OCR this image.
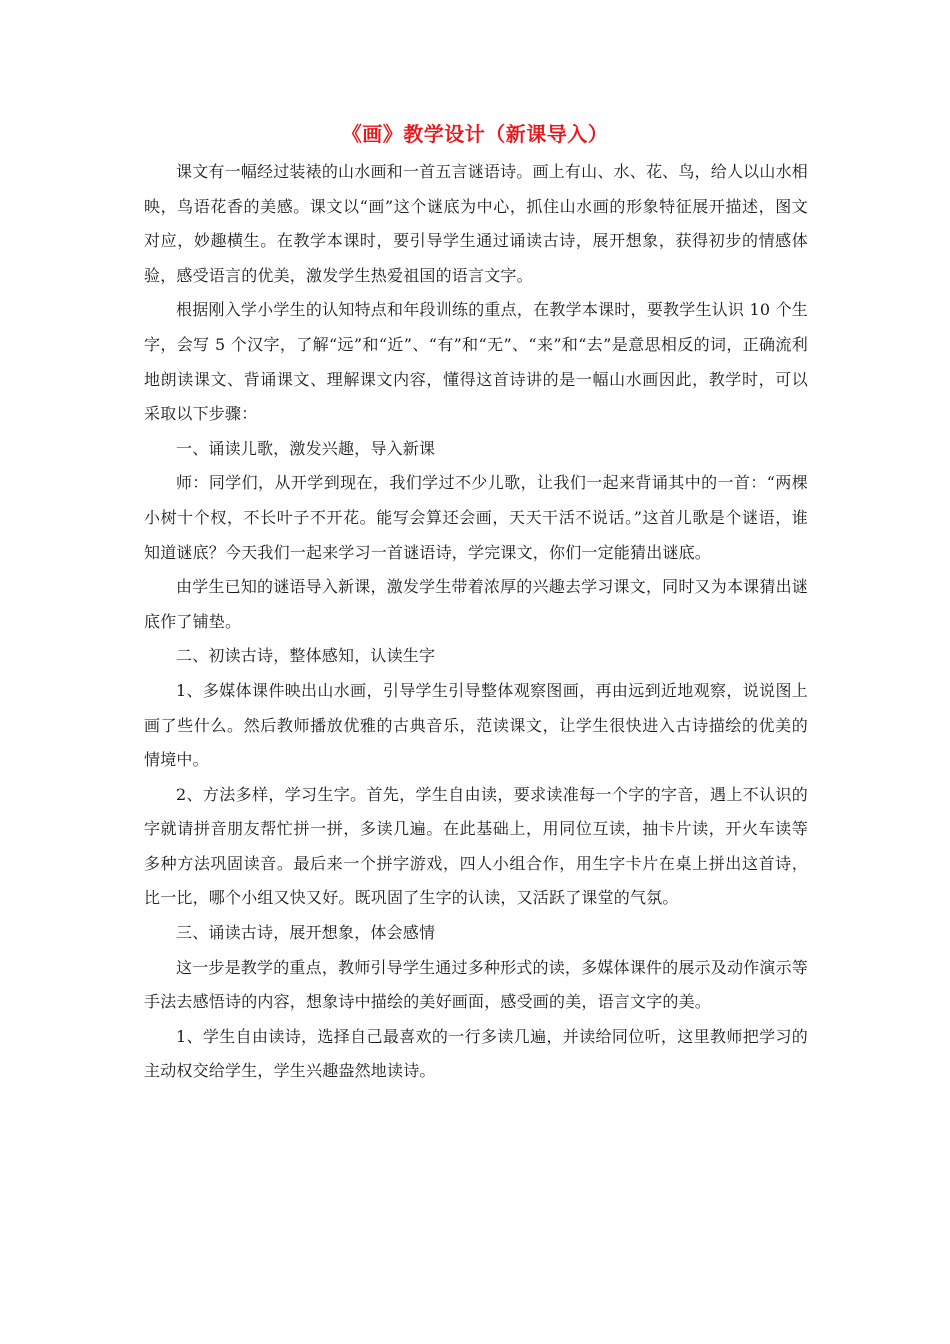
《画》教学设计（新课导入）

课文有一幅经过装裱的山水画和一首五言谜语诗。画上有山、水、花、鸟，给人以山水相映，鸟语花香的美感。课文以“画”这个谜底为中心，抓住山水画的形象特征展开描述，图文对应，妙趣横生。在教学本课时，要引导学生通过诵读古诗，展开想象，获得初步的情感体验，感受语言的优美，激发学生热爱祖国的语言文字。

根据刚入学小学生的认知特点和年段训练的重点，在教学本课时，要教学生认识 10 个生字，会写 5 个汉字，了解“远”和“近”、“有”和“无”、“来”和“去”是意思相反的词，正确流利地朗读课文、背诵课文、理解课文内容，懂得这首诗讲的是一幅山水画因此，教学时，可以采取以下步骤：

一、诵读儿歌，激发兴趣，导入新课

师：同学们，从开学到现在，我们学过不少儿歌，让我们一起来背诵其中的一首：“两棵小树十个杈，不长叶子不开花。能写会算还会画，天天干活不说话。”这首儿歌是个谜语，谁知道谜底？今天我们一起来学习一首谜语诗，学完课文，你们一定能猜出谜底。

由学生已知的谜语导入新课，激发学生带着浓厚的兴趣去学习课文，同时又为本课猜出谜底作了铺垫。

二、初读古诗，整体感知，认读生字

1、多媒体课件映出山水画，引导学生引导整体观察图画，再由远到近地观察，说说图上画了些什么。然后教师播放优雅的古典音乐，范读课文，让学生很快进入古诗描绘的优美的情境中。

2、方法多样，学习生字。首先，学生自由读，要求读准每一个字的字音，遇上不认识的字就请拼音朋友帮忙拼一拼，多读几遍。在此基础上，用同位互读，抽卡片读，开火车读等多种方法巩固读音。最后来一个拼字游戏，四人小组合作，用生字卡片在桌上拼出这首诗，比一比，哪个小组又快又好。既巩固了生字的认读，又活跃了课堂的气氛。

三、诵读古诗，展开想象，体会感情

这一步是教学的重点，教师引导学生通过多种形式的读，多媒体课件的展示及动作演示等手法去感悟诗的内容，想象诗中描绘的美好画面，感受画的美，语言文字的美。

1、学生自由读诗，选择自己最喜欢的一行多读几遍，并读给同位听，这里教师把学习的主动权交给学生，学生兴趣盎然地读诗。
